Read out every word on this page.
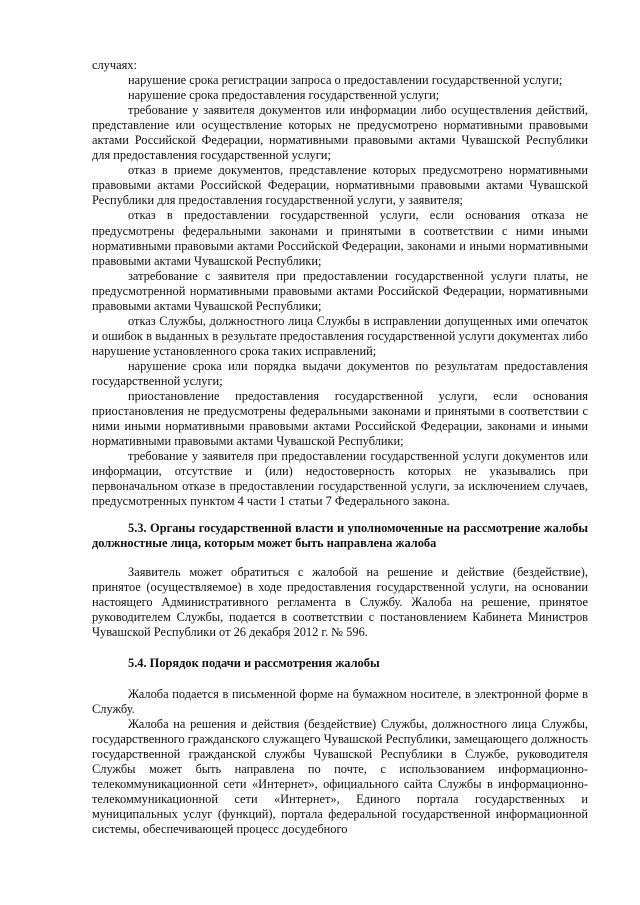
случаях:

нарушение срока регистрации запроса о предоставлении государственной услуги;

нарушение срока предоставления государственной услуги;

требование у заявителя документов или информации либо осуществления действий, представление или осуществление которых не предусмотрено нормативными правовыми актами Российской Федерации, нормативными правовыми актами Чувашской Республики для предоставления государственной услуги;

отказ в приеме документов, представление которых предусмотрено нормативными правовыми актами Российской Федерации, нормативными правовыми актами Чувашской Республики для предоставления государственной услуги, у заявителя;

отказ в предоставлении государственной услуги, если основания отказа не предусмотрены федеральными законами и принятыми в соответствии с ними иными нормативными правовыми актами Российской Федерации, законами и иными нормативными правовыми актами Чувашской Республики;

затребование с заявителя при предоставлении государственной услуги платы, не предусмотренной нормативными правовыми актами Российской Федерации, нормативными правовыми актами Чувашской Республики;

отказ Службы, должностного лица Службы в исправлении допущенных ими опечаток и ошибок в выданных в результате предоставления государственной услуги документах либо нарушение установленного срока таких исправлений;

нарушение срока или порядка выдачи документов по результатам предоставления государственной услуги;

приостановление предоставления государственной услуги, если основания приостановления не предусмотрены федеральными законами и принятыми в соответствии с ними иными нормативными правовыми актами Российской Федерации, законами и иными нормативными правовыми актами Чувашской Республики;

требование у заявителя при предоставлении государственной услуги документов или информации, отсутствие и (или) недостоверность которых не указывались при первоначальном отказе в предоставлении государственной услуги, за исключением случаев, предусмотренных пунктом 4 части 1 статьи 7 Федерального закона.

5.3. Органы государственной власти и уполномоченные на рассмотрение жалобы должностные лица, которым может быть направлена жалоба

Заявитель может обратиться с жалобой на решение и действие (бездействие), принятое (осуществляемое) в ходе предоставления государственной услуги, на основании настоящего Административного регламента в Службу. Жалоба на решение, принятое руководителем Службы, подается в соответствии с постановлением Кабинета Министров Чувашской Республики от 26 декабря 2012 г. № 596.

5.4. Порядок подачи и рассмотрения жалобы

Жалоба подается в письменной форме на бумажном носителе, в электронной форме в Службу.

Жалоба на решения и действия (бездействие) Службы, должностного лица Службы, государственного гражданского служащего Чувашской Республики, замещающего должность государственной гражданской службы Чувашской Республики в Службе, руководителя Службы может быть направлена по почте, с использованием информационно-телекоммуникационной сети «Интернет», официального сайта Службы в информационно-телекоммуникационной сети «Интернет», Единого портала государственных и муниципальных услуг (функций), портала федеральной государственной информационной системы, обеспечивающей процесс досудебного
